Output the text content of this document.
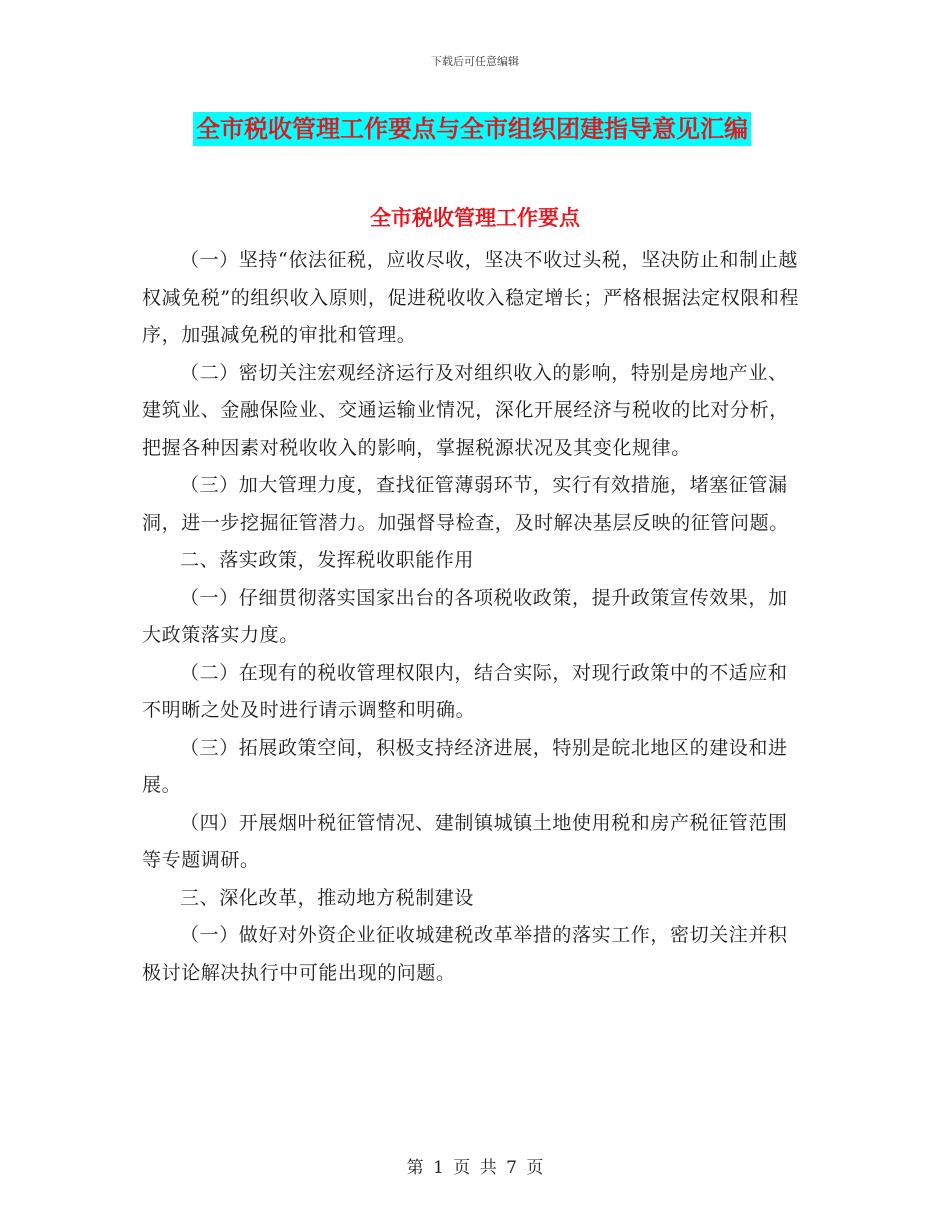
下载后可任意编辑
全市税收管理工作要点与全市组织团建指导意见汇编
全市税收管理工作要点

（一）坚持“依法征税，应收尽收，坚决不收过头税，坚决防止和制止越权减免税”的组织收入原则，促进税收收入稳定增长；严格根据法定权限和程序，加强减免税的审批和管理。

（二）密切关注宏观经济运行及对组织收入的影响，特别是房地产业、建筑业、金融保险业、交通运输业情况，深化开展经济与税收的比对分析，把握各种因素对税收收入的影响，掌握税源状况及其变化规律。

（三）加大管理力度，查找征管薄弱环节，实行有效措施，堵塞征管漏洞，进一步挖掘征管潜力。加强督导检查，及时解决基层反映的征管问题。

二、落实政策，发挥税收职能作用

（一）仔细贯彻落实国家出台的各项税收政策，提升政策宣传效果，加大政策落实力度。

（二）在现有的税收管理权限内，结合实际，对现行政策中的不适应和不明晰之处及时进行请示调整和明确。

（三）拓展政策空间，积极支持经济进展，特别是皖北地区的建设和进展。

（四）开展烟叶税征管情况、建制镇城镇土地使用税和房产税征管范围等专题调研。

三、深化改革，推动地方税制建设

（一）做好对外资企业征收城建税改革举措的落实工作，密切关注并积极讨论解决执行中可能出现的问题。

第 1 页 共 7 页
